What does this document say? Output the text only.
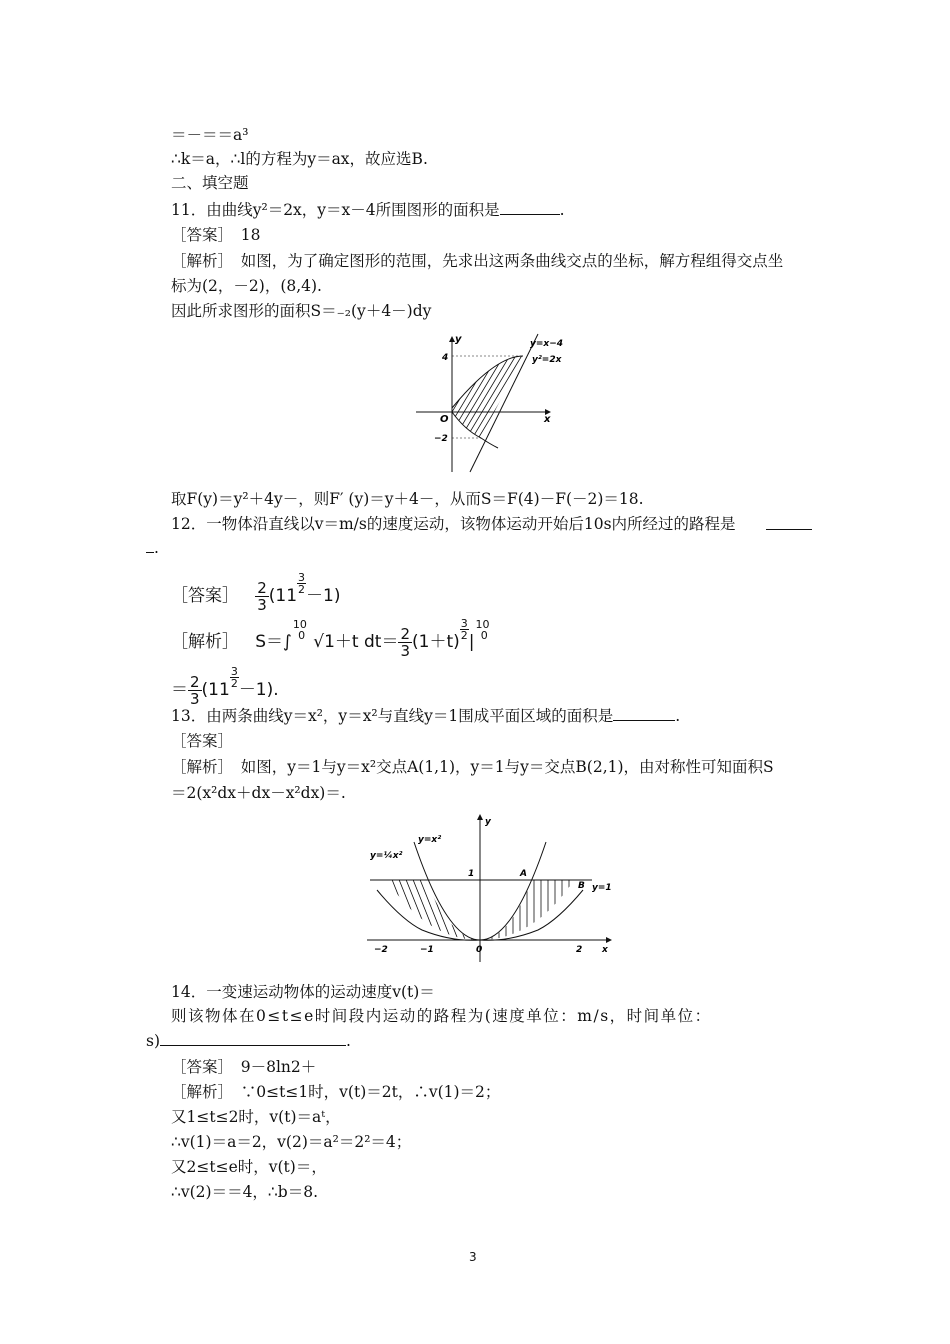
＝－＝＝a³
∴k＝a，∴l的方程为y＝ax，故应选B.
二、填空题
11．由曲线y²＝2x，y＝x－4所围图形的面积是	.
［答案］　18
［解析］　如图，为了确定图形的范围，先求出这两条曲线交点的坐标，解方程组得交点坐
标为(2，－2)，(8,4).
因此所求图形的面积S＝₋₂(y＋4－)dy
y=x−4
y²=2x
y
x
O
4
−2
取F(y)＝y²＋4y－，则F′ (y)＝y＋4－，从而S＝F(4)－F(－2)＝18.
12．一物体沿直线以v＝m/s的速度运动，该物体运动开始后10s内所经过的路程是
.
［答案］ $\frac{2}{3} (11$
$\frac{3}{2}$
－1)
［解析］ S＝∫
10
0 √1＋t $dt= \frac{2}{3} (1+t)$
$\frac{3}{2}$
|
10
0
＝ $\frac{2}{3} (11$
$\frac{3}{2}$
－1).
13．由两条曲线y＝x²，y＝x²与直线y＝1围成平面区域的面积是	.
［答案］
［解析］　如图，y＝1与y＝x²交点A(1,1)，y＝1与y＝交点B(2,1)，由对称性可知面积S
＝2(x²dx＋dx－x²dx)＝.
y
x
0
−2	−1	2
1	A
B y=1
y=x²
y=¼x²
14．一变速运动物体的运动速度v(t)＝
则该物体在0≤t≤e时间段内运动的路程为(速度单位：m/s，时间单位：
s)	.
［答案］　9－8ln2＋
［解析］　∵0≤t≤1时，v(t)＝2t，∴v(1)＝2；
又1≤t≤2时，v(t)＝aᵗ，
∴v(1)＝a＝2，v(2)＝a²＝2²＝4；
又2≤t≤e时，v(t)＝，
∴v(2)＝＝4，∴b＝8.
3
